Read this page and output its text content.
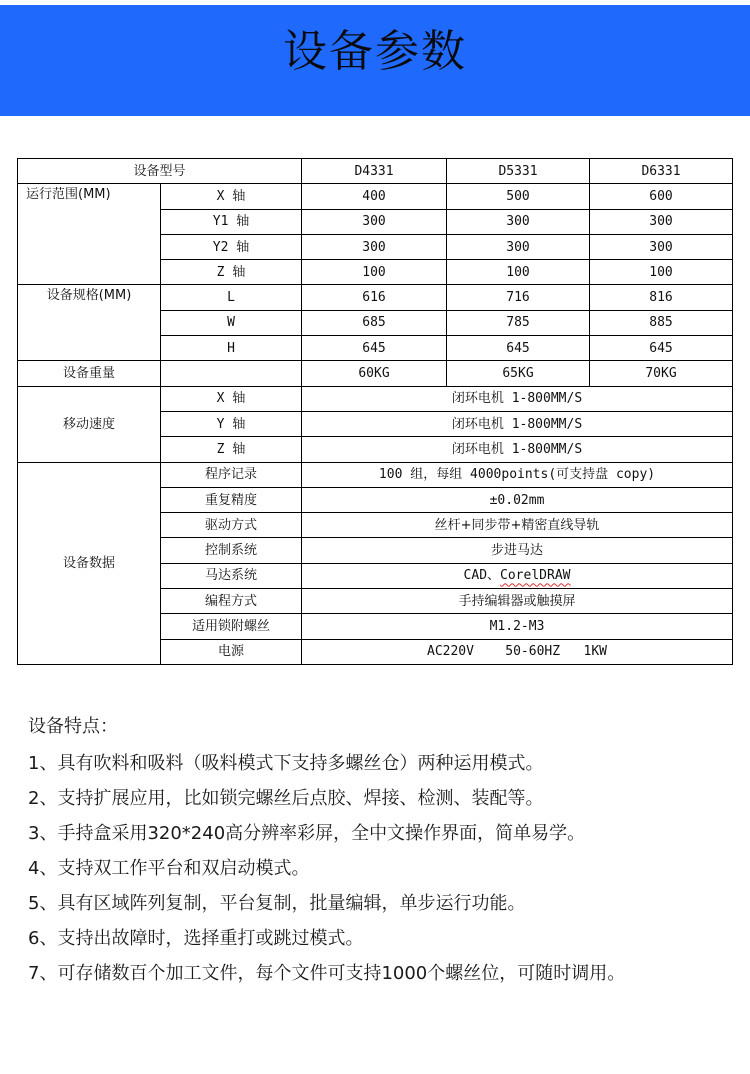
设备参数
设备型号		D4331	D5331	D6331
运行范围(MM)	X 轴	400	500	600
	Y1 轴	300	300	300
	Y2 轴	300	300	300
	Z 轴	100	100	100
设备规格(MM)	L	616	716	816
	W	685	785	885
	H	645	645	645
设备重量		60KG	65KG	70KG
移动速度	X 轴	闭环电机 1-800MM/S		
	Y 轴	闭环电机 1-800MM/S		
	Z 轴	闭环电机 1-800MM/S		
设备数据	程序记录	100 组，每组 4000points(可支持盘 copy)		
	重复精度	±0.02mm		
	驱动方式	丝杆+同步带+精密直线导轨		
	控制系统	步进马达		
	马达系统	CAD、CorelDRAW		
	编程方式	手持编辑器或触摸屏		
	适用锁附螺丝	M1.2-M3		
	电源	AC220V    50-60HZ   1KW		
设备特点：
1、具有吹料和吸料（吸料模式下支持多螺丝仓）两种运用模式。
2、支持扩展应用，比如锁完螺丝后点胶、焊接、检测、装配等。
3、手持盒采用320*240高分辨率彩屏，全中文操作界面，简单易学。
4、支持双工作平台和双启动模式。
5、具有区域阵列复制，平台复制，批量编辑，单步运行功能。
6、支持出故障时，选择重打或跳过模式。
7、可存储数百个加工文件，每个文件可支持1000个螺丝位，可随时调用。
